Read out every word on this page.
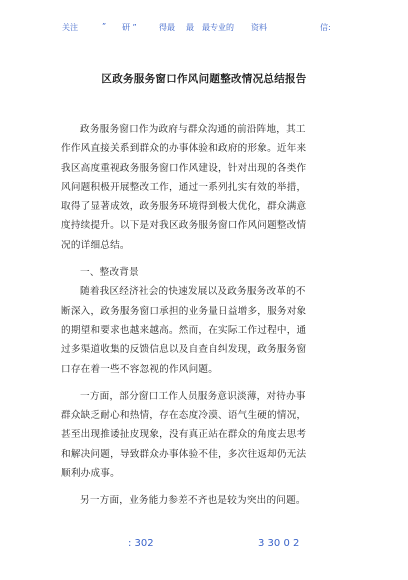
关注	” 研 ”	得最 最 最专业的 资料	信:
区政务服务窗口作风问题整改情况总结报告
政务服务窗口作为政府与群众沟通的前沿阵地，其工
作作风直接关系到群众的办事体验和政府的形象。近年来
我区高度重视政务服务窗口作风建设，针对出现的各类作
风问题积极开展整改工作，通过一系列扎实有效的举措，
取得了显著成效，政务服务环境得到极大优化，群众满意
度持续提升。以下是对我区政务服务窗口作风问题整改情
况的详细总结。
一、整改背景
随着我区经济社会的快速发展以及政务服务改革的不
断深入，政务服务窗口承担的业务量日益增多，服务对象
的期望和要求也越来越高。然而，在实际工作过程中，通
过多渠道收集的反馈信息以及自查自纠发现，政务服务窗
口存在着一些不容忽视的作风问题。
一方面，部分窗口工作人员服务意识淡薄，对待办事
群众缺乏耐心和热情，存在态度冷漠、语气生硬的情况，
甚至出现推诿扯皮现象，没有真正站在群众的角度去思考
和解决问题，导致群众办事体验不佳，多次往返却仍无法
顺利办成事。
另一方面，业务能力参差不齐也是较为突出的问题。
: 302	3 30 0 2
